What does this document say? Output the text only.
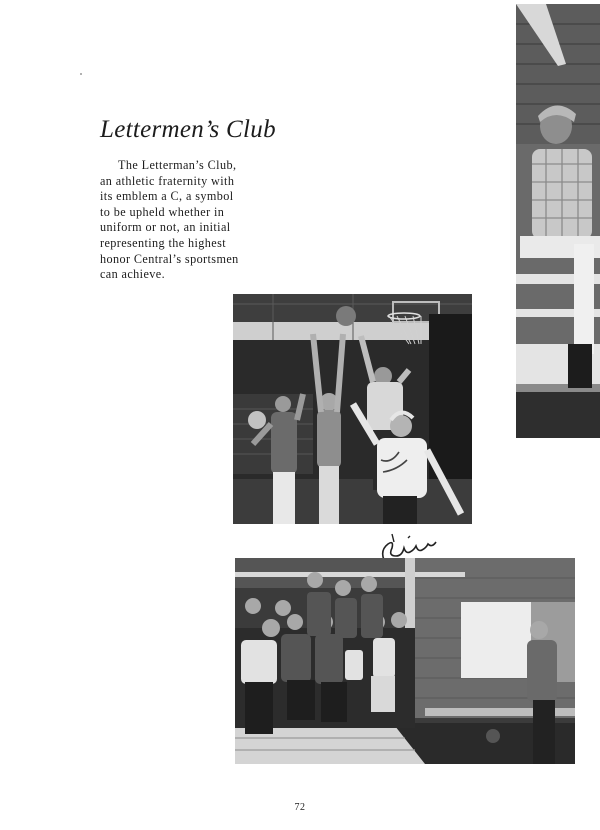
Lettermen’s Club
The Letterman’s Club,
an athletic fraternity with
its emblem a C, a symbol
to be upheld whether in
uniform or not, an initial
representing the highest
honor Central’s sportsmen
can achieve.
72
